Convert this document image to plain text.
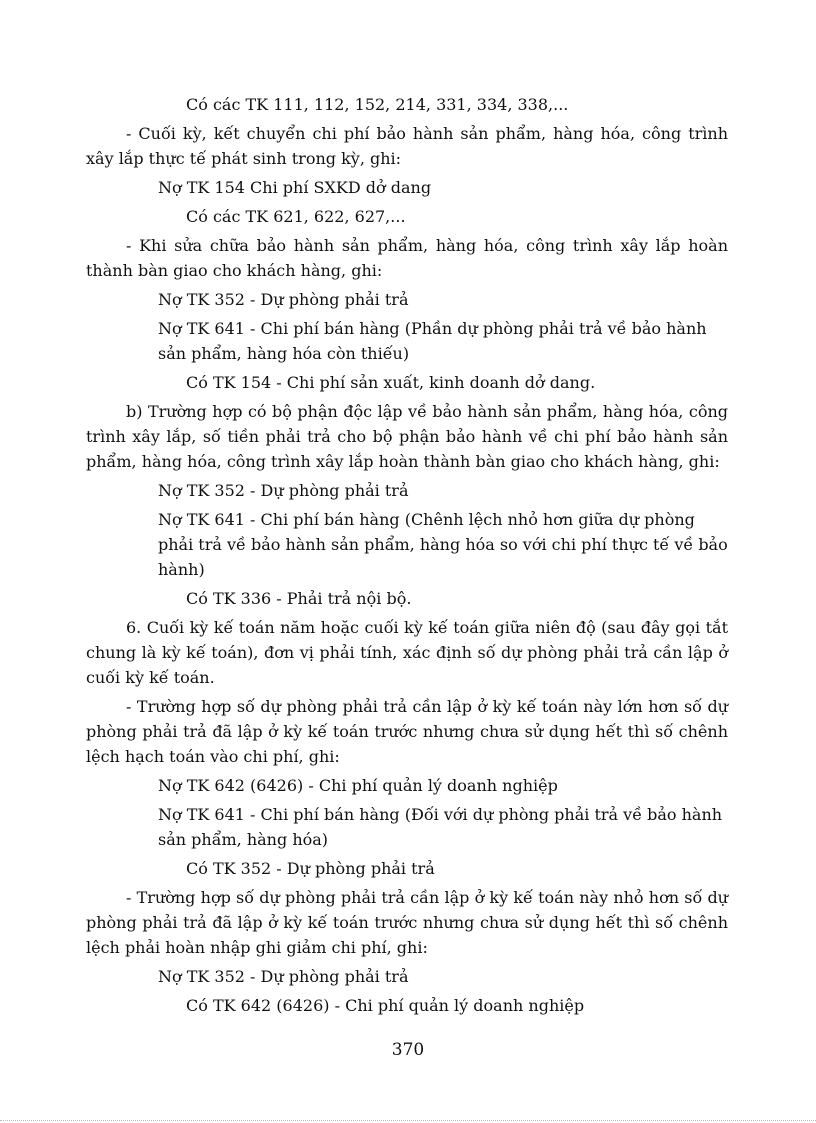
Có các TK 111, 112, 152, 214, 331, 334, 338,...

- Cuối kỳ, kết chuyển chi phí bảo hành sản phẩm, hàng hóa, công trình xây lắp thực tế phát sinh trong kỳ, ghi:

Nợ TK 154 Chi phí SXKD dở dang
Có các TK 621, 622, 627,...

- Khi sửa chữa bảo hành sản phẩm, hàng hóa, công trình xây lắp hoàn thành bàn giao cho khách hàng, ghi:

Nợ TK 352 - Dự phòng phải trả
Nợ TK 641 - Chi phí bán hàng (Phần dự phòng phải trả về bảo hành sản phẩm, hàng hóa còn thiếu)
Có TK 154 - Chi phí sản xuất, kinh doanh dở dang.

b) Trường hợp có bộ phận độc lập về bảo hành sản phẩm, hàng hóa, công trình xây lắp, số tiền phải trả cho bộ phận bảo hành về chi phí bảo hành sản phẩm, hàng hóa, công trình xây lắp hoàn thành bàn giao cho khách hàng, ghi:

Nợ TK 352 - Dự phòng phải trả
Nợ TK 641 - Chi phí bán hàng (Chênh lệch nhỏ hơn giữa dự phòng phải trả về bảo hành sản phẩm, hàng hóa so với chi phí thực tế về bảo hành)
Có TK 336 - Phải trả nội bộ.

6. Cuối kỳ kế toán năm hoặc cuối kỳ kế toán giữa niên độ (sau đây gọi tắt chung là kỳ kế toán), đơn vị phải tính, xác định số dự phòng phải trả cần lập ở cuối kỳ kế toán.

- Trường hợp số dự phòng phải trả cần lập ở kỳ kế toán này lớn hơn số dự phòng phải trả đã lập ở kỳ kế toán trước nhưng chưa sử dụng hết thì số chênh lệch hạch toán vào chi phí, ghi:

Nợ TK 642 (6426) - Chi phí quản lý doanh nghiệp
Nợ TK 641 - Chi phí bán hàng (Đối với dự phòng phải trả về bảo hành sản phẩm, hàng hóa)
Có TK 352 - Dự phòng phải trả

- Trường hợp số dự phòng phải trả cần lập ở kỳ kế toán này nhỏ hơn số dự phòng phải trả đã lập ở kỳ kế toán trước nhưng chưa sử dụng hết thì số chênh lệch phải hoàn nhập ghi giảm chi phí, ghi:

Nợ TK 352 - Dự phòng phải trả
Có TK 642 (6426) - Chi phí quản lý doanh nghiệp
370
